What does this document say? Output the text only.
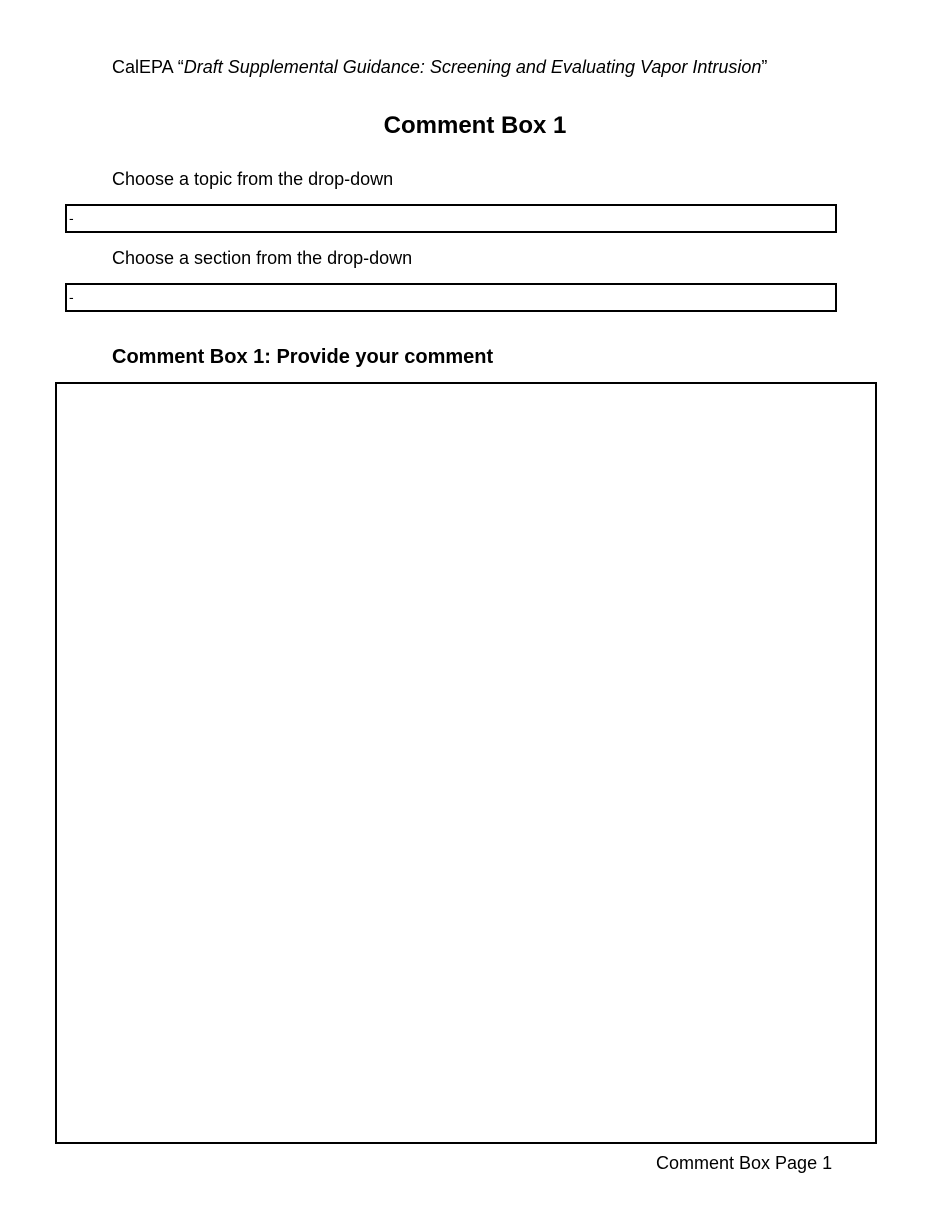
CalEPA “Draft Supplemental Guidance: Screening and Evaluating Vapor Intrusion”
Comment Box 1
Choose a topic from the drop-down
-
Choose a section from the drop-down
-
Comment Box 1: Provide your comment
Comment Box Page 1
